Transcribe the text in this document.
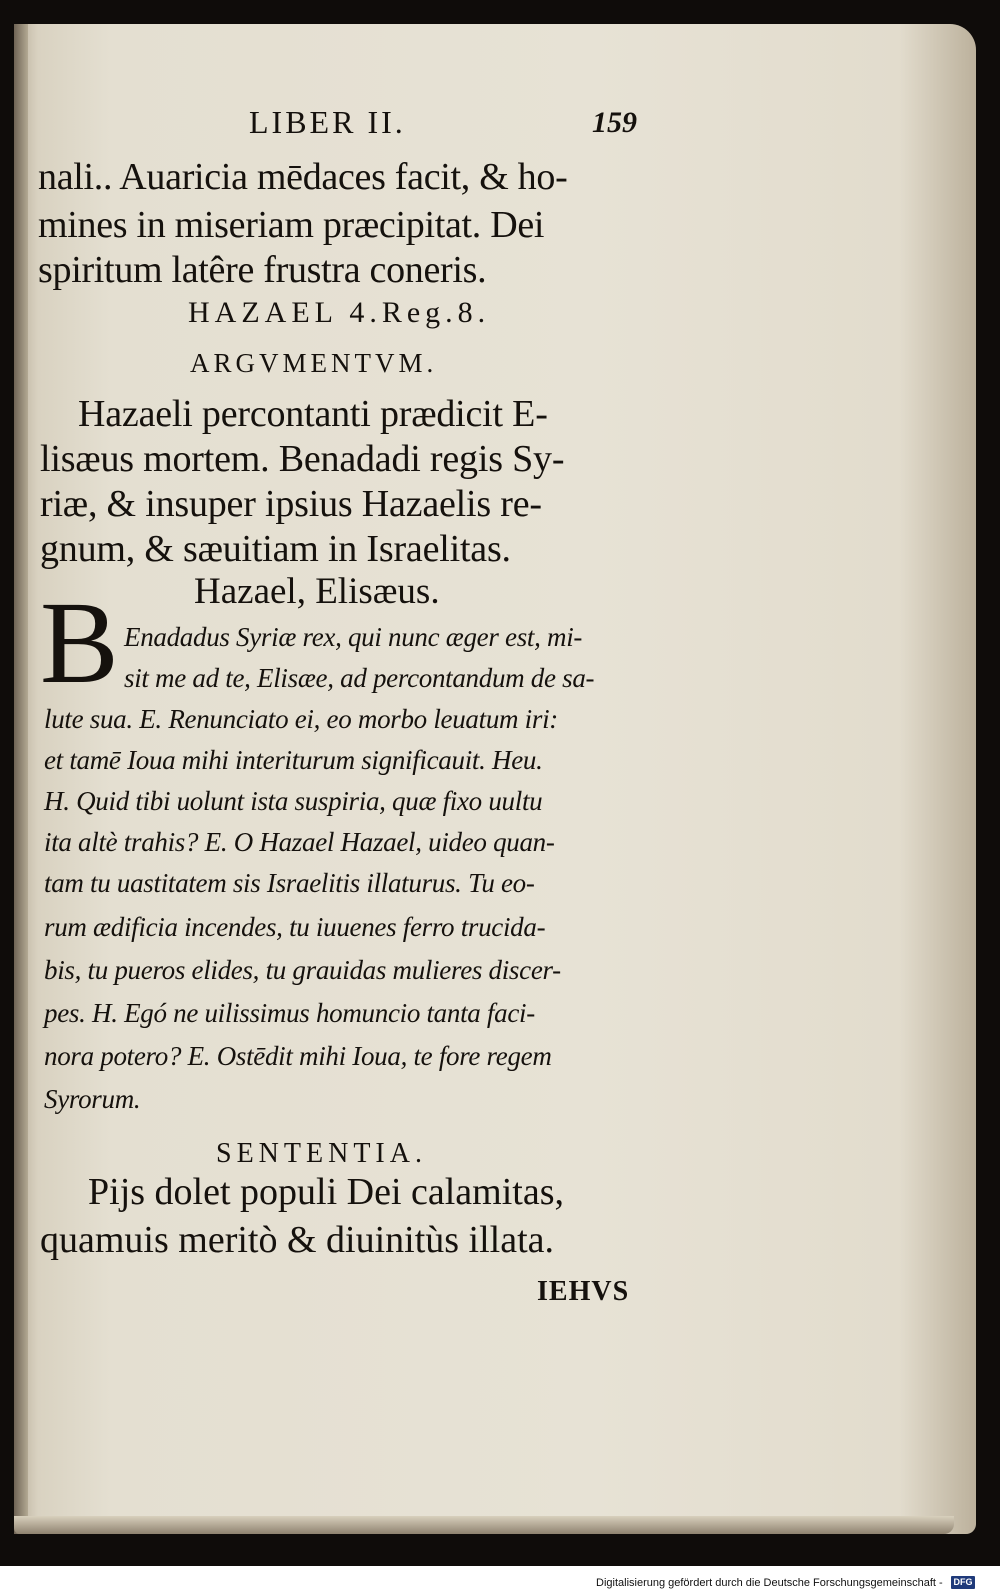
LIBER II.	159
nali.. Auaricia mēdaces facit, & ho-
mines in miseriam præcipitat. Dei
spiritum latêre frustra coneris.
HAZAEL 4.Reg.8.
ARGVMENTVM.
Hazaeli percontanti prædicit E-
lisæus mortem. Benadadi regis Sy-
riæ, & insuper ipsius Hazaelis re-
gnum, & sæuitiam in Israelitas.
Hazael, Elisæus.
B Enadadus Syriæ rex, qui nunc æger est, mi-
sit me ad te, Elisæe, ad percontandum de sa-
lute sua. E. Renunciato ei, eo morbo leuatum iri:
et tamē Ioua mihi interiturum significauit. Heu.
H. Quid tibi uolunt ista suspiria, quæ fixo uultu
ita altè trahis? E. O Hazael Hazael, uideo quan-
tam tu uastitatem sis Israelitis illaturus. Tu eo-
rum ædificia incendes, tu iuuenes ferro trucida-
bis, tu pueros elides, tu grauidas mulieres discer-
pes. H. Egó ne uilissimus homuncio tanta faci-
nora potero? E. Ostēdit mihi Ioua, te fore regem
Syrorum.
SENTENTIA.
Pijs dolet populi Dei calamitas,
quamuis meritò & diuinitùs illata.
IEHVS
Digitalisierung gefördert durch die Deutsche Forschungsgemeinschaft - DFG
